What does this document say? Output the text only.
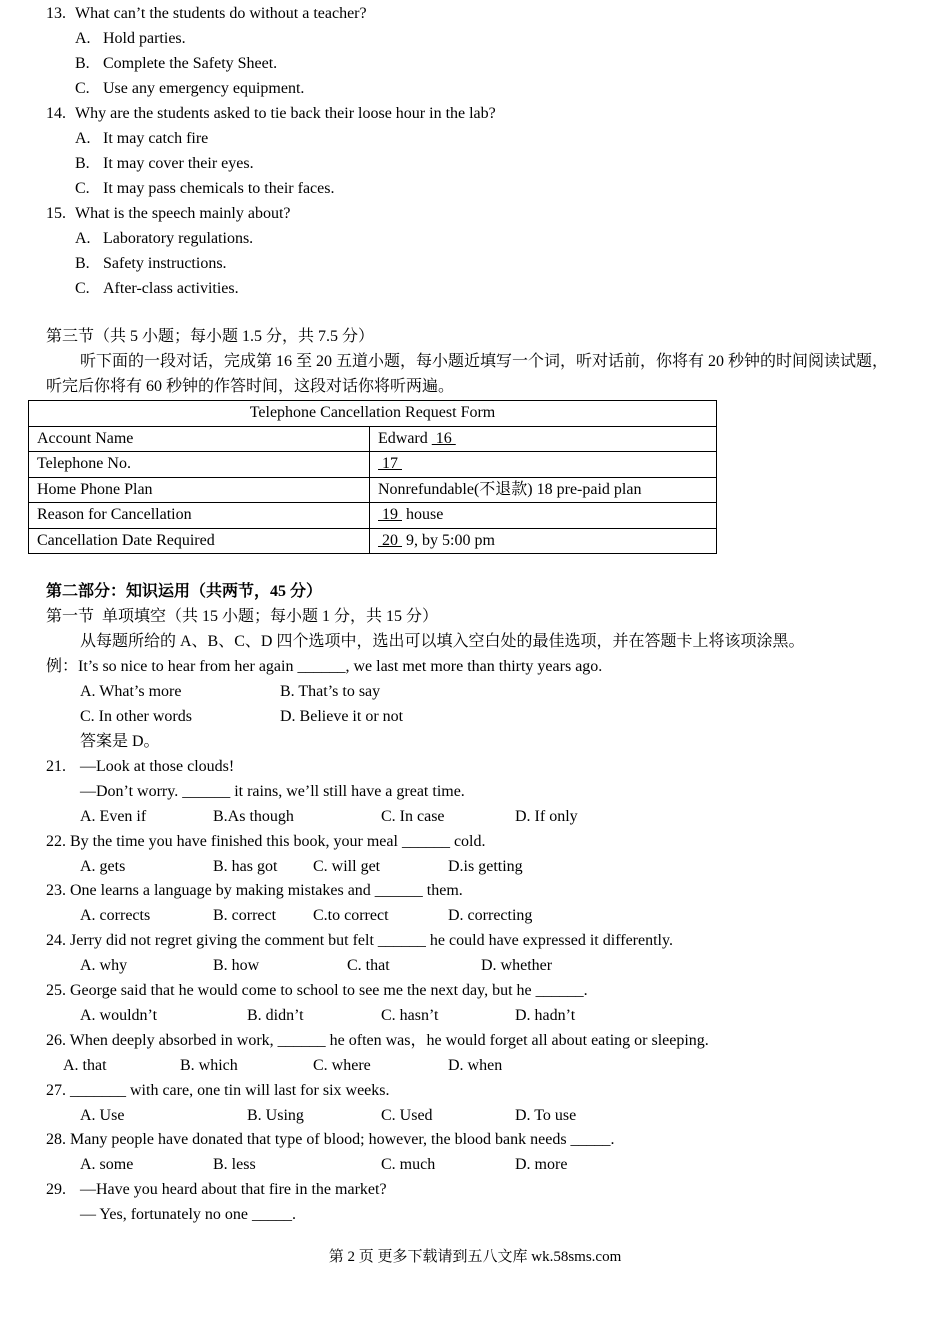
13. What can’t the students do without a teacher?
A. Hold parties.
B. Complete the Safety Sheet.
C. Use any emergency equipment.
14. Why are the students asked to tie back their loose hour in the lab?
A. It may catch fire
B. It may cover their eyes.
C. It may pass chemicals to their faces.
15. What is the speech mainly about?
A. Laboratory regulations.
B. Safety instructions.
C. After-class activities.
第三节（共 5 小题；每小题 1.5 分，共 7.5 分）
听下面的一段对话，完成第 16 至 20 五道小题，每小题近填写一个词，听对话前，你将有 20 秒钟的时间阅读试题，
听完后你将有 60 秒钟的作答时间，这段对话你将听两遍。
Telephone Cancellation Request Form	
Account Name	Edward  16
Telephone No.	17
Home Phone Plan	Nonrefundable(不退款) 18 pre-paid plan
Reason for Cancellation	19  house
Cancellation Date Required	20  9, by 5:00 pm
第二部分：知识运用（共两节，45 分）
第一节  单项填空（共 15 小题；每小题 1 分，共 15 分）
从每题所给的 A、B、C、D 四个选项中，选出可以填入空白处的最佳选项，并在答题卡上将该项涂黑。
例：It’s so nice to hear from her again ______, we last met more than thirty years ago.
A. What’s more	B. That’s to say
C. In other words	D. Believe it or not
答案是 D。
21. —Look at those clouds!
—Don’t worry. ______ it rains, we’ll still have a great time.
A. Even if	B.As though	C. In case	D. If only
22. By the time you have finished this book, your meal ______ cold.
A. gets	B. has got C. will get	D.is getting
23. One learns a language by making mistakes and ______ them.
A. corrects	B. correct C.to correct	D. correcting
24. Jerry did not regret giving the comment but felt ______ he could have expressed it differently.
A. why	B. how	C. that	D. whether
25. George said that he would come to school to see me the next day, but he ______.
A. wouldn’t	B. didn’t	C. hasn’t	D. hadn’t
26. When deeply absorbed in work, ______ he often was，he would forget all about eating or sleeping.
A. that	B. which	C. where	D. when
27. _______ with care, one tin will last for six weeks.
A. Use	B. Using	C. Used	D. To use
28. Many people have donated that type of blood; however, the blood bank needs _____.
A. some	B. less	C. much	D. more
29. —Have you heard about that fire in the market?
— Yes, fortunately no one _____.
第 2 页 更多下载请到五八文库 wk.58sms.com
